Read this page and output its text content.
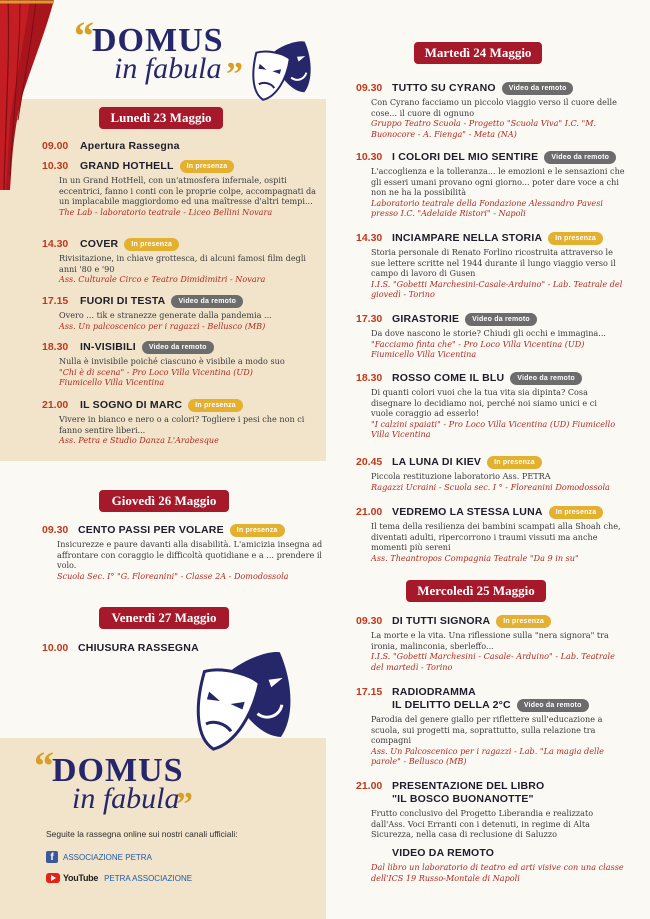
“
DOMUS
in fabula ”
Lunedì 23 Maggio
09.00 Apertura Rassegna
10.30 GRAND HOTHELL In presenza
In un Grand HotHell, con un'atmosfera infernale, ospiti eccentrici, fanno i conti con le proprie colpe, accompagnati da un implacabile maggiordomo ed una maîtresse d'altri tempi...
The Lab - laboratorio teatrale - Liceo Bellini Novara
14.30 COVER In presenza
Rivisitazione, in chiave grottesca, di alcuni famosi film degli anni '80 e '90
Ass. Culturale Circo e Teatro Dimidimitri - Novara
17.15 FUORI DI TESTA Video da remoto
Overo ... tik e stranezze generate dalla pandemia ...
Ass. Un palcoscenico per i ragazzi - Bellusco (MB)
18.30 IN-VISIBILI Video da remoto
Nulla è invisibile poiché ciascuno è visibile a modo suo
"Chi è di scena" - Pro Loco Villa Vicentina (UD) Fiumicello Villa Vicentina
21.00 IL SOGNO DI MARC In presenza
Vivere in bianco e nero o a colori? Togliere i pesi che non ci fanno sentire liberi...
Ass. Petra e Studio Danza L'Arabesque
Giovedì 26 Maggio
09.30 CENTO PASSI PER VOLARE In presenza
Insicurezze e paure davanti alla disabilità. L'amicizia insegna ad affrontare con coraggio le difficoltà quotidiane e a ... prendere il volo.
Scuola Sec. I° "G. Floreanini" - Classe 2A - Domodossola
Venerdì 27 Maggio
10.00 CHIUSURA RASSEGNA
“
DOMUS
in fabula
”
Seguite la rassegna online sui nostri canali ufficiali:
f	ASSOCIAZIONE PETRA
YouTube PETRA ASSOCIAZIONE
Martedì 24 Maggio
09.30 TUTTO SU CYRANO Video da remoto
Con Cyrano facciamo un piccolo viaggio verso il cuore delle cose... il cuore di ognuno
Gruppo Teatro Scuola - Progetto "Scuola Viva" I.C. "M. Buonocore - A. Fienga" - Meta (NA)
10.30 I COLORI DEL MIO SENTIRE Video da remoto
L'accoglienza e la tolleranza... le emozioni e le sensazioni che gli esseri umani provano ogni giorno... poter dare voce a chi non ne ha la possibilità
Laboratorio teatrale della Fondazione Alessandro Pavesi presso I.C. "Adelaide Ristori" - Napoli
14.30 INCIAMPARE NELLA STORIA In presenza
Storia personale di Renato Forlino ricostruita attraverso le sue lettere scritte nel 1944 durante il lungo viaggio verso il campo di lavoro di Gusen
I.I.S. "Gobetti Marchesini-Casale-Arduino" - Lab. Teatrale del giovedì - Torino
17.30 GIRASTORIE Video da remoto
Da dove nascono le storie? Chiudi gli occhi e immagina...
"Facciamo finta che" - Pro Loco Villa Vicentina (UD) Fiumicello Villa Vicentina
18.30 ROSSO COME IL BLU Video da remoto
Di quanti colori vuoi che la tua vita sia dipinta? Cosa disegnare lo decidiamo noi, perché noi siamo unici e ci vuole coraggio ad esserlo!
"I calzini spaiati" - Pro Loco Villa Vicentina (UD) Fiumicello Villa Vicentina
20.45 LA LUNA DI KIEV In presenza
Piccola restituzione laboratorio Ass. PETRA
Ragazzi Ucraini - Scuola sec. I ° - Floreanini Domodossola
21.00 VEDREMO LA STESSA LUNA In presenza
Il tema della resilienza dei bambini scampati alla Shoah che, diventati adulti, ripercorrono i traumi vissuti ma anche momenti più sereni
Ass. Theantropos Compagnia Teatrale "Da 9 in su"
Mercoledì 25 Maggio
09.30 DI TUTTI SIGNORA In presenza
La morte e la vita. Una riflessione sulla "nera signora" tra ironia, malinconia, sberleffo...
I.I.S. "Gobetti Marchesini - Casale- Arduino" - Lab. Teatrale del martedì - Torino
17.15 RADIODRAMMA
IL DELITTO DELLA 2°C Video da remoto
Parodia del genere giallo per riflettere sull'educazione a scuola, sui progetti ma, soprattutto, sulla relazione tra compagni
Ass. Un Palcoscenico per i ragazzi - Lab. "La magia delle parole" - Bellusco (MB)
21.00 PRESENTAZIONE DEL LIBRO
"IL BOSCO BUONANOTTE"
Frutto conclusivo del Progetto Liberandia e realizzato dall'Ass. Voci Erranti con i detenuti, in regime di Alta Sicurezza, nella casa di reclusione di Saluzzo
VIDEO DA REMOTO
Dal libro un laboratorio di teatro ed arti visive con una classe dell'ICS 19 Russo-Montale di Napoli
